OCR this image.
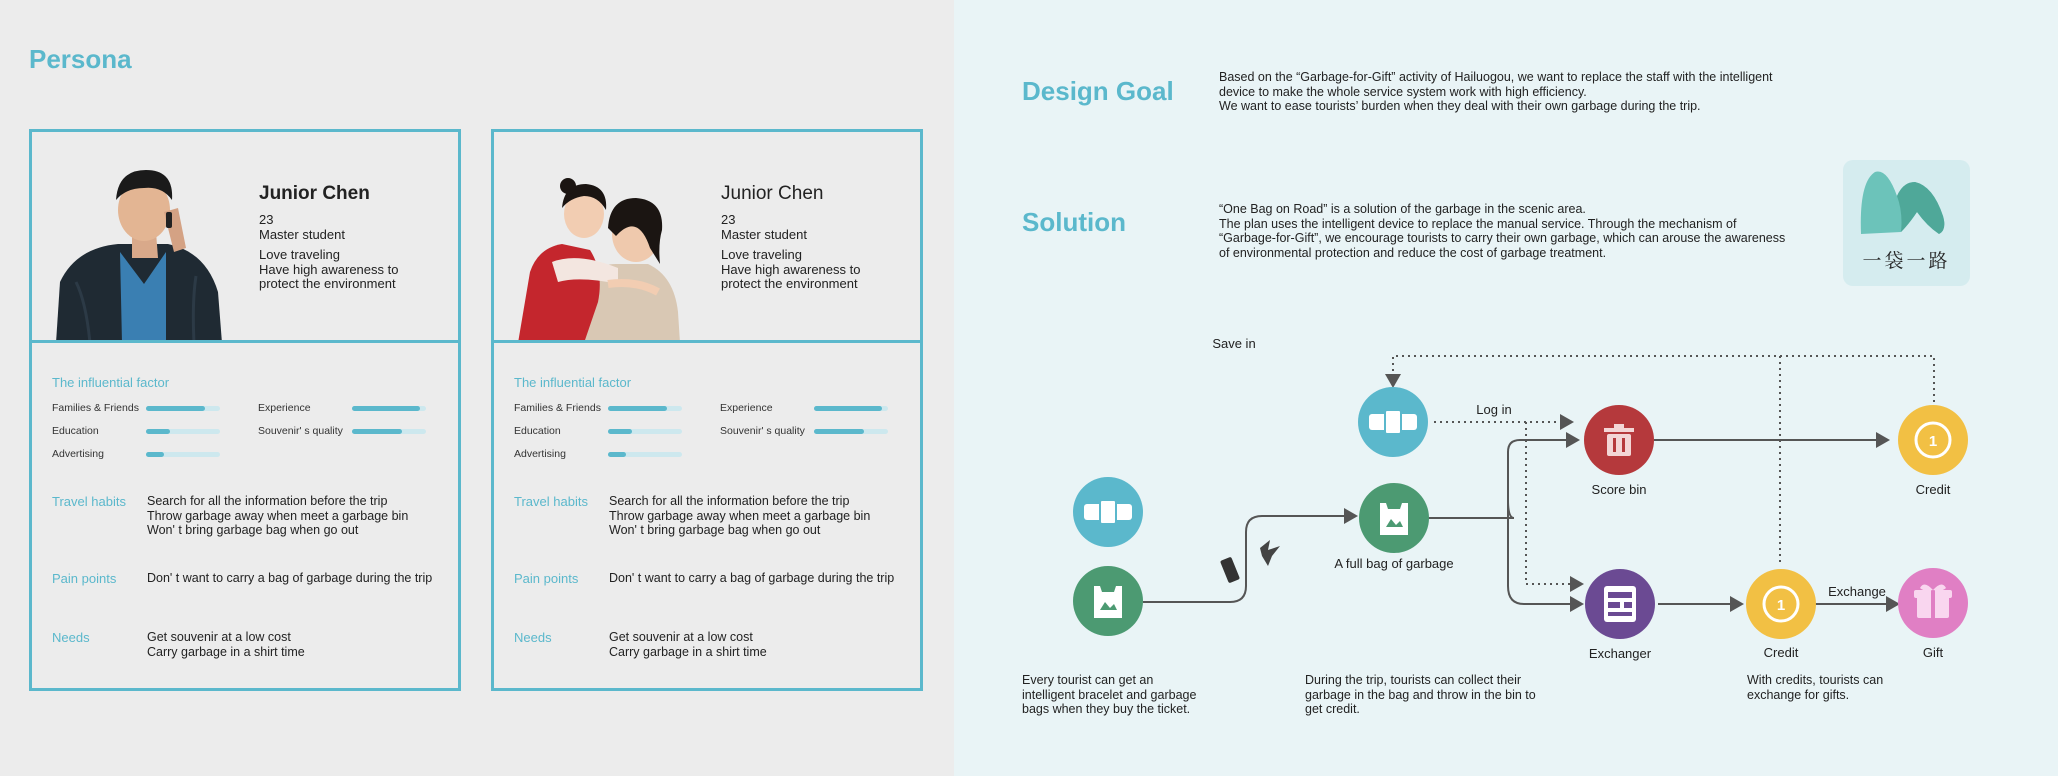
Persona
Junior Chen
23
Master student
Love traveling
Have high awareness to
protect the environment
The influential factor
Families & Friends
Education
Advertising
Experience
Souvenir' s quality
Travel habits Search for all the information before the trip
Throw garbage away when meet a garbage bin
Won' t bring garbage bag when go out
Pain points Don' t want to carry a bag of garbage during the trip
Needs	Get souvenir at a low cost
Carry garbage in a shirt time
Junior Chen
23
Master student
Love traveling
Have high awareness to
protect the environment
The influential factor
Families & Friends
Education
Advertising
Experience
Souvenir' s quality
Travel habits Search for all the information before the trip
Throw garbage away when meet a garbage bin
Won' t bring garbage bag when go out
Pain points Don' t want to carry a bag of garbage during the trip
Needs	Get souvenir at a low cost
Carry garbage in a shirt time
Design Goal	Based on the “Garbage-for-Gift” activity of Hailuogou, we want to replace the staff with the intelligent
device to make the whole service system work with high efficiency.
We want to ease tourists’ burden when they deal with their own garbage during the trip.
Solution	“One Bag on Road” is a solution of the garbage in the scenic area.
The plan uses the intelligent device to replace the manual service. Through the mechanism of
“Garbage-for-Gift”, we encourage tourists to carry their own garbage, which can arouse the awareness
of environmental protection and reduce the cost of garbage treatment.	一袋一路
1
1
Save in
Log in
Exchange
A full bag of garbage
Score bin	Credit
Exchanger	Credit	Gift
Every tourist can get an
intelligent bracelet and garbage
bags when they buy the ticket.
During the trip, tourists can collect their
garbage in the bag and throw in the bin to
get credit.
With credits, tourists can
exchange for gifts.
